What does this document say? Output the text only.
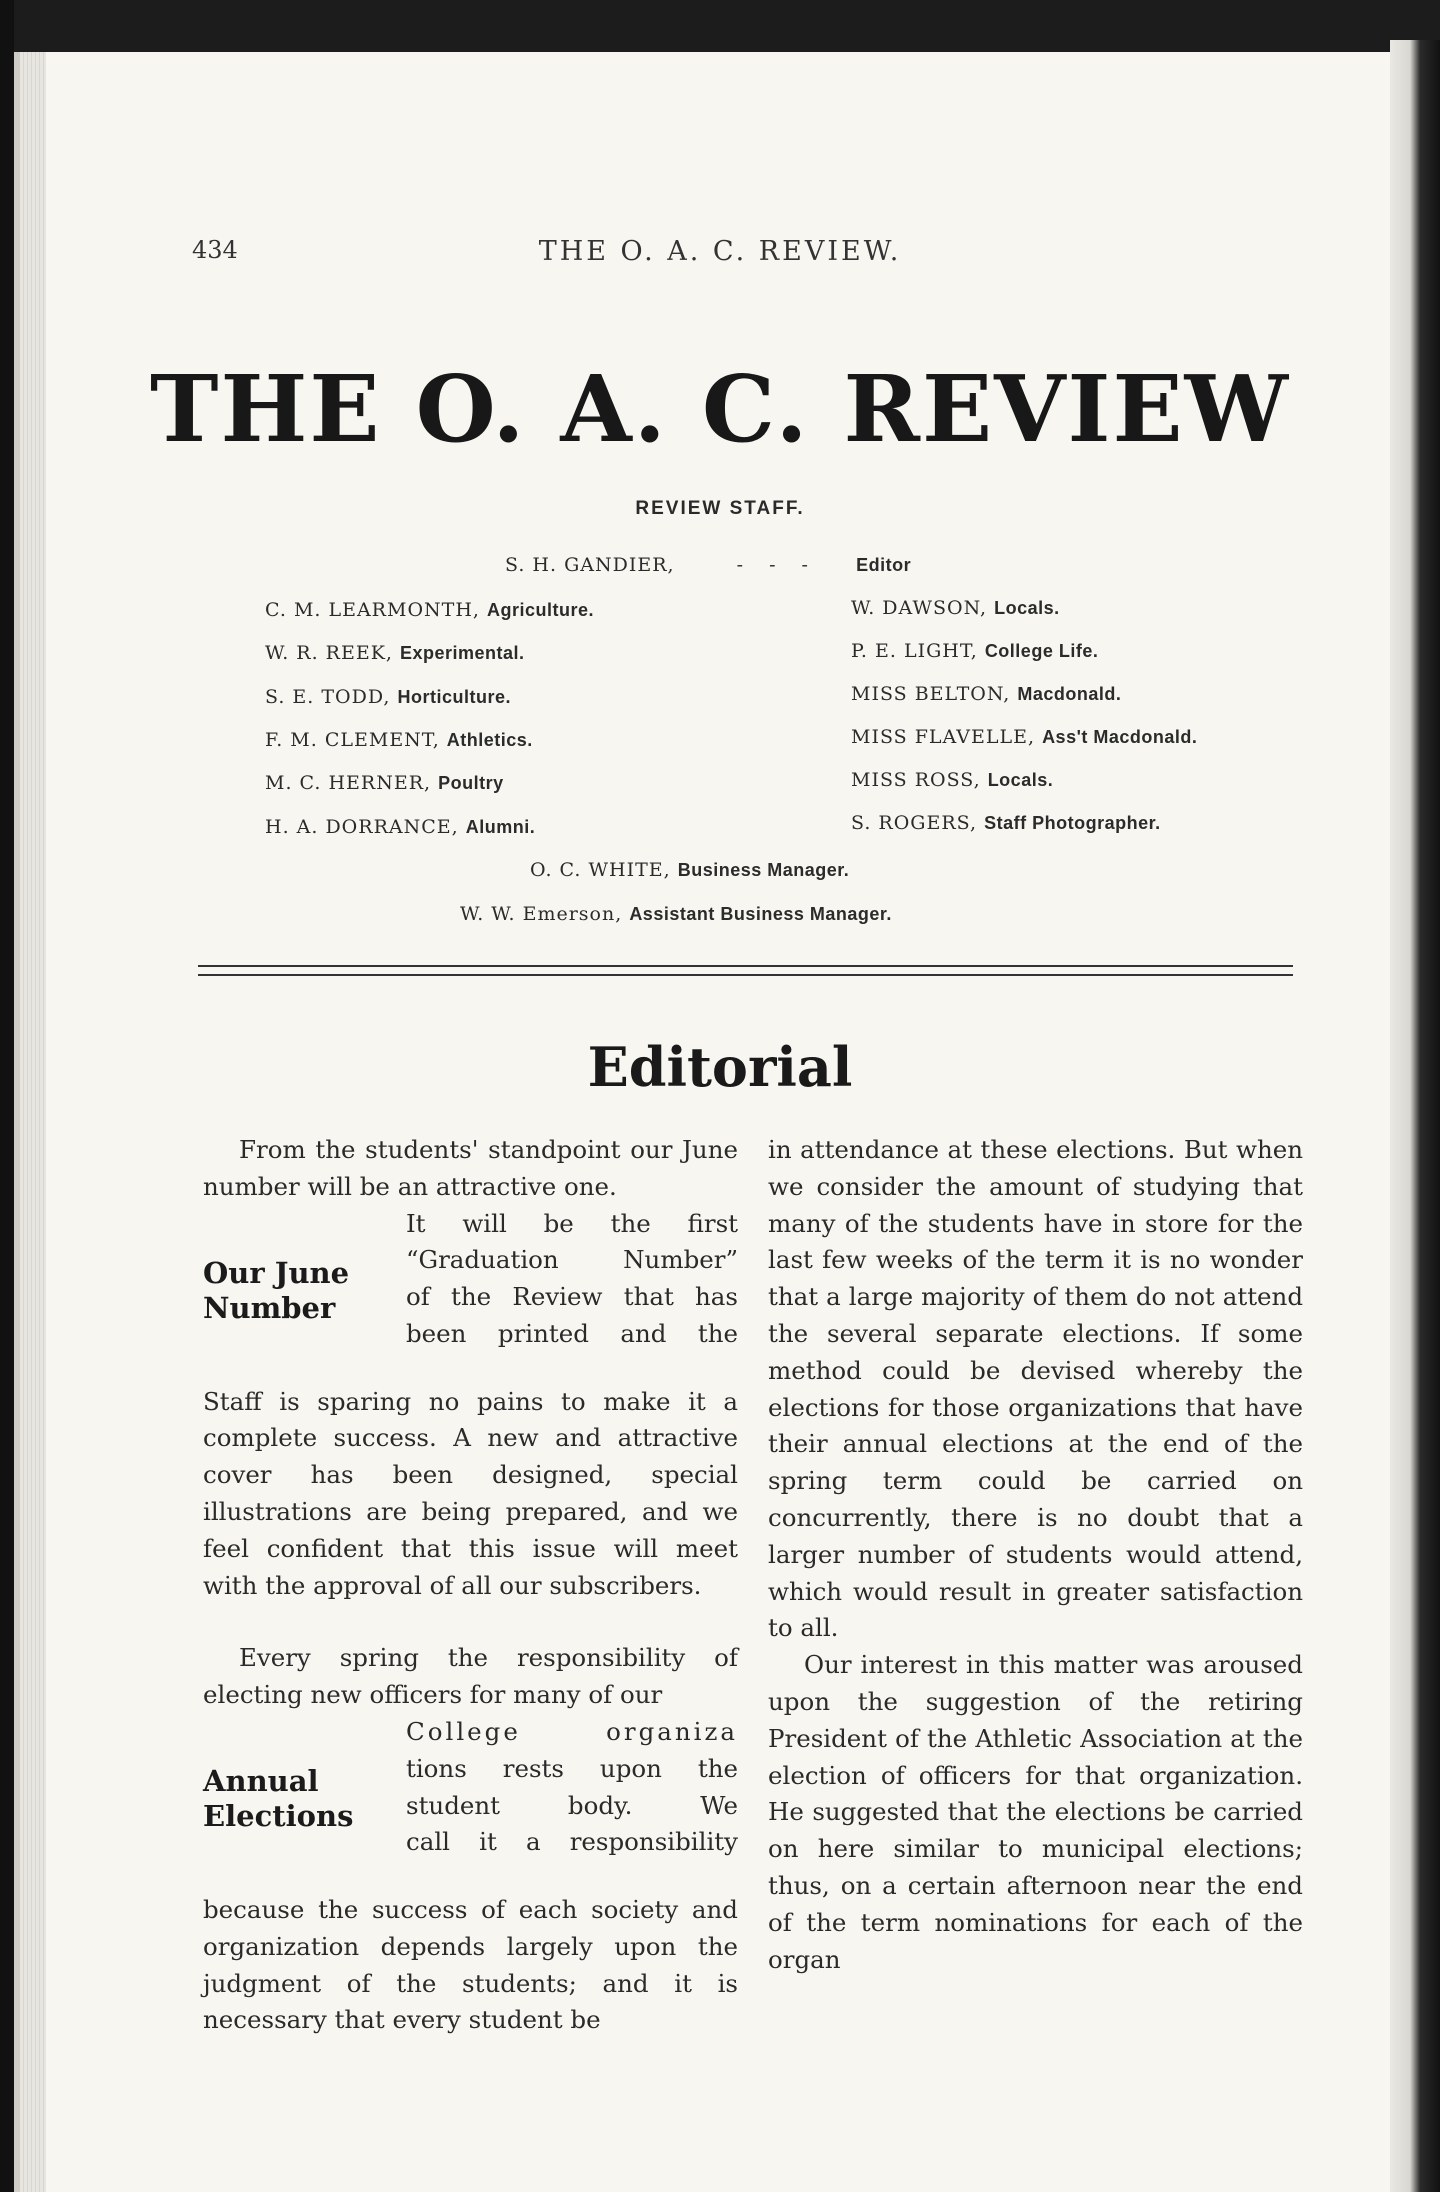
434	THE O. A. C. REVIEW.
THE O. A. C. REVIEW
REVIEW STAFF.
S. H. GANDIER,	- - - Editor
C. M. LEARMONTH, Agriculture.
W. R. REEK, Experimental.
S. E. TODD, Horticulture.
F. M. CLEMENT, Athletics.
M. C. HERNER, Poultry
H. A. DORRANCE, Alumni.
W. DAWSON, Locals.
P. E. LIGHT, College Life.
MISS BELTON, Macdonald.
MISS FLAVELLE, Ass't Macdonald.
MISS ROSS, Locals.
S. ROGERS, Staff Photographer.
O. C. WHITE, Business Manager.
W. W. Emerson, Assistant Business Manager.
Editorial

From the students' standpoint our June number will be an attractive one.

Our June
Number
It will be the first
“Graduation Number”
of the Review that has
been printed and the

Staff is sparing no pains to make it a complete success. A new and attractive cover has been designed, special illustrations are being prepared, and we feel confident that this issue will meet with the approval of all our subscribers.

Every spring the responsibility of electing new officers for many of our

Annual
Elections
College organiza
tions rests upon the
student body. We
call it a responsibility

because the success of each society and organization depends largely upon the judgment of the students; and it is necessary that every student be

in attendance at these elections. But when we consider the amount of studying that many of the students have in store for the last few weeks of the term it is no wonder that a large majority of them do not attend the several separate elections. If some method could be devised whereby the elections for those organizations that have their annual elections at the end of the spring term could be carried on concurrently, there is no doubt that a larger number of students would attend, which would result in greater satisfaction to all.

Our interest in this matter was aroused upon the suggestion of the retiring President of the Athletic Association at the election of officers for that organization. He suggested that the elections be carried on here similar to municipal elections; thus, on a certain afternoon near the end of the term nominations for each of the organ
